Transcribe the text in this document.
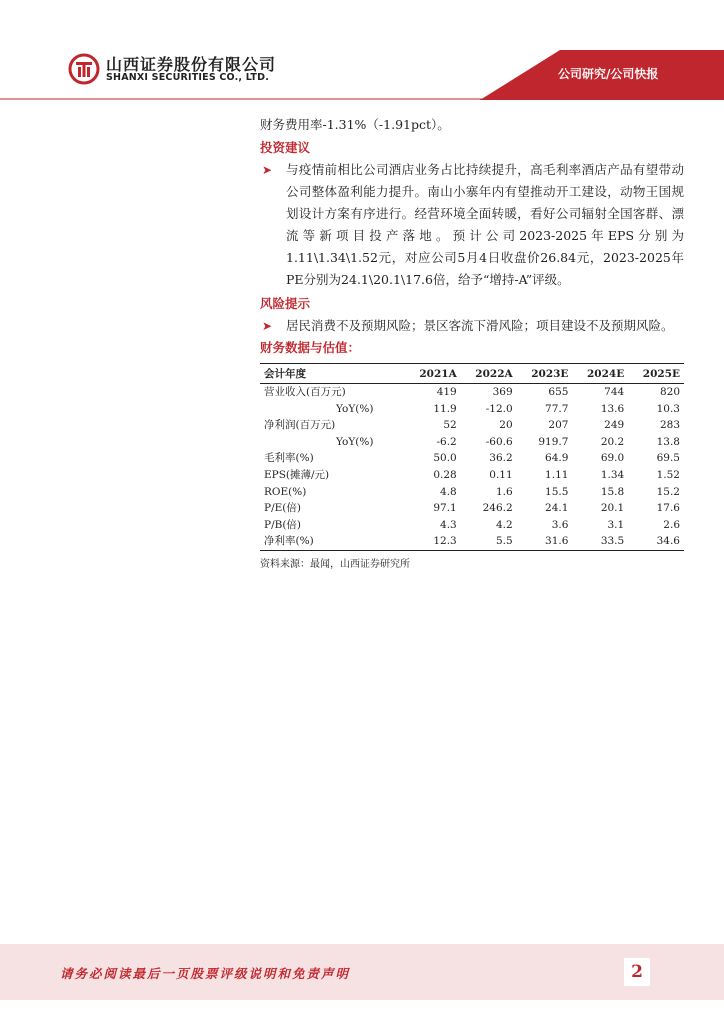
山西证券股份有限公司
SHANXI SECURITIES CO., LTD.	公司研究/公司快报

财务费用率-1.31%（-1.91pct）。

投资建议

➤ 与疫情前相比公司酒店业务占比持续提升，高毛利率酒店产品有望带动公司整体盈利能力提升。南山小寨年内有望推动开工建设，动物王国规划设计方案有序进行。经营环境全面转暖，看好公司辐射全国客群、漂流等新项目投产落地。预计公司2023-2025年EPS分别为1.11\1.34\1.52元，对应公司5月4日收盘价26.84元，2023-2025年PE分别为24.1\20.1\17.6倍，给予“增持-A”评级。

风险提示

➤ 居民消费不及预期风险；景区客流下滑风险；项目建设不及预期风险。

财务数据与估值：

会计年度	2021A	2022A	2023E	2024E	2025E
营业收入(百万元)	419	369	655	744	820
YoY(%)	11.9	-12.0	77.7	13.6	10.3
净利润(百万元)	52	20	207	249	283
YoY(%)	-6.2	-60.6	919.7	20.2	13.8
毛利率(%)	50.0	36.2	64.9	69.0	69.5
EPS(摊薄/元)	0.28	0.11	1.11	1.34	1.52
ROE(%)	4.8	1.6	15.5	15.8	15.2
P/E(倍)	97.1	246.2	24.1	20.1	17.6
P/B(倍)	4.3	4.2	3.6	3.1	2.6
净利率(%)	12.3	5.5	31.6	33.5	34.6
资料来源：最闻，山西证券研究所
请务必阅读最后一页股票评级说明和免责声明	2
